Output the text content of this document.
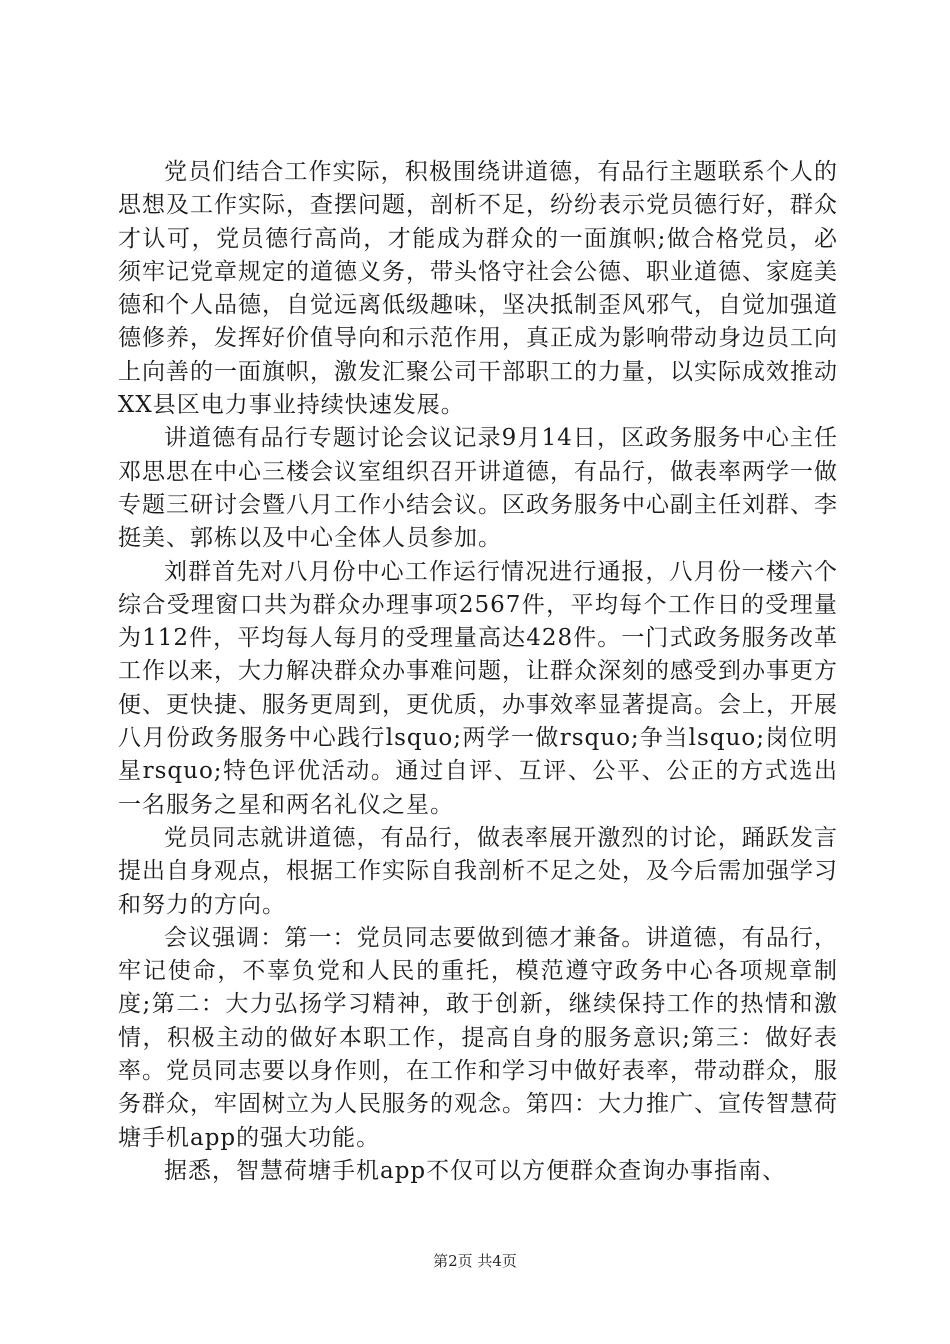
党员们结合工作实际，积极围绕讲道德，有品行主题联系个人的思想及工作实际，查摆问题，剖析不足，纷纷表示党员德行好，群众才认可，党员德行高尚，才能成为群众的一面旗帜;做合格党员，必须牢记党章规定的道德义务，带头恪守社会公德、职业道德、家庭美德和个人品德，自觉远离低级趣味，坚决抵制歪风邪气，自觉加强道德修养，发挥好价值导向和示范作用，真正成为影响带动身边员工向上向善的一面旗帜，激发汇聚公司干部职工的力量，以实际成效推动XX县区电力事业持续快速发展。

讲道德有品行专题讨论会议记录9月14日，区政务服务中心主任邓思思在中心三楼会议室组织召开讲道德，有品行，做表率两学一做专题三研讨会暨八月工作小结会议。区政务服务中心副主任刘群、李挺美、郭栋以及中心全体人员参加。

刘群首先对八月份中心工作运行情况进行通报，八月份一楼六个综合受理窗口共为群众办理事项2567件，平均每个工作日的受理量为112件，平均每人每月的受理量高达428件。一门式政务服务改革工作以来，大力解决群众办事难问题，让群众深刻的感受到办事更方便、更快捷、服务更周到，更优质，办事效率显著提高。会上，开展八月份政务服务中心践行lsquo;两学一做rsquo;争当lsquo;岗位明星rsquo;特色评优活动。通过自评、互评、公平、公正的方式选出一名服务之星和两名礼仪之星。

党员同志就讲道德，有品行，做表率展开激烈的讨论，踊跃发言提出自身观点，根据工作实际自我剖析不足之处，及今后需加强学习和努力的方向。

会议强调：第一：党员同志要做到德才兼备。讲道德，有品行，牢记使命，不辜负党和人民的重托，模范遵守政务中心各项规章制度;第二：大力弘扬学习精神，敢于创新，继续保持工作的热情和激情，积极主动的做好本职工作，提高自身的服务意识;第三：做好表率。党员同志要以身作则，在工作和学习中做好表率，带动群众，服务群众，牢固树立为人民服务的观念。第四：大力推广、宣传智慧荷塘手机app的强大功能。

据悉，智慧荷塘手机app不仅可以方便群众查询办事指南、

第2页 共4页
